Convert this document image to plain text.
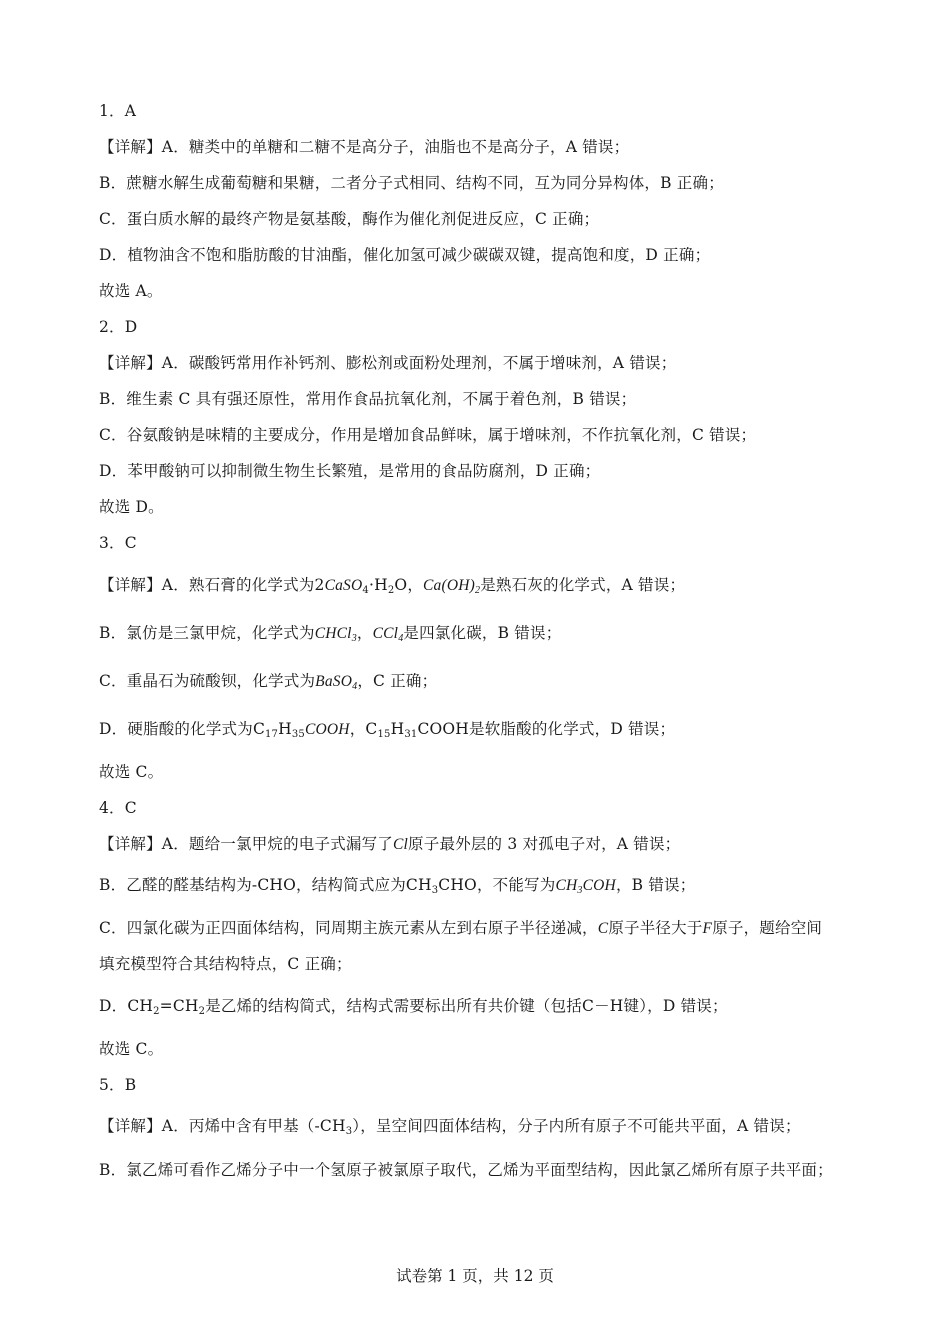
1．A
【详解】A．糖类中的单糖和二糖不是高分子，油脂也不是高分子，A 错误；
B．蔗糖水解生成葡萄糖和果糖，二者分子式相同、结构不同，互为同分异构体，B 正确；
C．蛋白质水解的最终产物是氨基酸，酶作为催化剂促进反应，C 正确；
D．植物油含不饱和脂肪酸的甘油酯，催化加氢可减少碳碳双键，提高饱和度，D 正确；
故选 A。
2．D
【详解】A．碳酸钙常用作补钙剂、膨松剂或面粉处理剂，不属于增味剂，A 错误；
B．维生素 C 具有强还原性，常用作食品抗氧化剂，不属于着色剂，B 错误；
C．谷氨酸钠是味精的主要成分，作用是增加食品鲜味，属于增味剂，不作抗氧化剂，C 错误；
D．苯甲酸钠可以抑制微生物生长繁殖，是常用的食品防腐剂，D 正确；
故选 D。
3．C
【详解】A．熟石膏的化学式为$2CaSO_4\cdot H_2O$，$Ca(OH)_2$是熟石灰的化学式，A 错误；
B．氯仿是三氯甲烷，化学式为CHCl$_3$，CCl$_4$是四氯化碳，B 错误；
C．重晶石为硫酸钡，化学式为BaSO$_4$，C 正确；
D．硬脂酸的化学式为$C_{17}H_{35}COOH$，$C_{15}H_{31}COOH$是软脂酸的化学式，D 错误；
故选 C。
4．C
【详解】A．题给一氯甲烷的电子式漏写了Cl原子最外层的 3 对孤电子对，A 错误；
B．乙醛的醛基结构为-CHO，结构简式应为$CH_3CHO$，不能写为$CH_3COH$，B 错误；
C．四氯化碳为正四面体结构，同周期主族元素从左到右原子半径递减，C原子半径大于F原子，题给空间
填充模型符合其结构特点，C 正确；
D．$CH_2=CH_2$是乙烯的结构简式，结构式需要标出所有共价键（包括C－H键），D 错误；
故选 C。
5．B
【详解】A．丙烯中含有甲基$(-CH_3)$，呈空间四面体结构，分子内所有原子不可能共平面，A 错误；
B．氯乙烯可看作乙烯分子中一个氢原子被氯原子取代，乙烯为平面型结构，因此氯乙烯所有原子共平面；
试卷第 1 页，共 12 页
